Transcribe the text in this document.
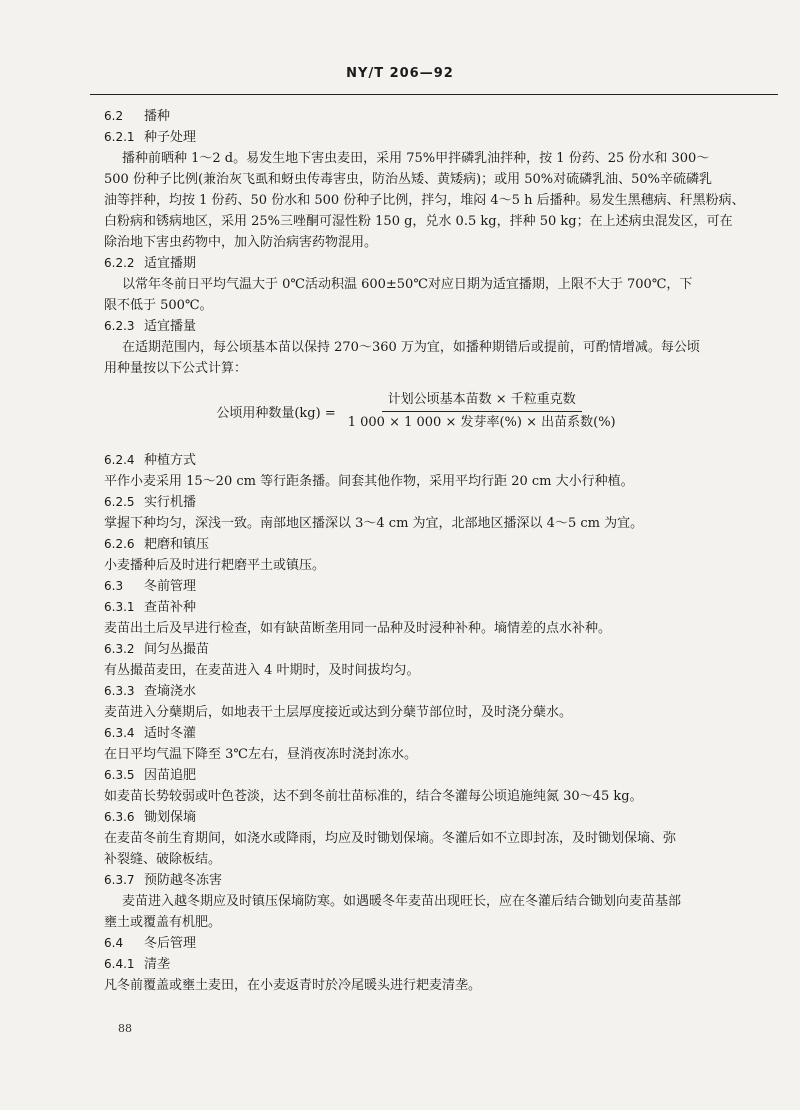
NY/T 206—92
6.2	播种
6.2.1 种子处理
播种前晒种 1～2 d。易发生地下害虫麦田，采用 75%甲拌磷乳油拌种，按 1 份药、25 份水和 300～
500 份种子比例(兼治灰飞虱和蚜虫传毒害虫，防治丛矮、黄矮病)；或用 50%对硫磷乳油、50%辛硫磷乳
油等拌种，均按 1 份药、50 份水和 500 份种子比例，拌匀，堆闷 4～5 h 后播种。易发生黑穗病、秆黑粉病、
白粉病和锈病地区，采用 25%三唑酮可湿性粉 150 g，兑水 0.5 kg，拌种 50 kg；在上述病虫混发区，可在
除治地下害虫药物中，加入防治病害药物混用。
6.2.2 适宜播期
以常年冬前日平均气温大于 0℃活动积温 600±50℃对应日期为适宜播期，上限不大于 700℃，下
限不低于 500℃。
6.2.3 适宜播量
在适期范围内，每公顷基本苗以保持 270～360 万为宜，如播种期错后或提前，可酌情增减。每公顷
用种量按以下公式计算：
公顷用种数量$(kg) = \frac{\text{计划公顷基本苗数 × 千粒重克数}}{\text{1 000 × 1 000 × 发芽率(\%) × 出苗系数(\%)}}$
6.2.4 种植方式
平作小麦采用 15～20 cm 等行距条播。间套其他作物，采用平均行距 20 cm 大小行种植。
6.2.5 实行机播
掌握下种均匀，深浅一致。南部地区播深以 3～4 cm 为宜，北部地区播深以 4～5 cm 为宜。
6.2.6 耙磨和镇压
小麦播种后及时进行耙磨平土或镇压。
6.3	冬前管理
6.3.1 查苗补种
麦苗出土后及早进行检查，如有缺苗断垄用同一品种及时浸种补种。墒情差的点水补种。
6.3.2 间匀丛撮苗
有丛撮苗麦田，在麦苗进入 4 叶期时，及时间拔均匀。
6.3.3 查墒浇水
麦苗进入分蘖期后，如地表干土层厚度接近或达到分蘖节部位时，及时浇分蘖水。
6.3.4 适时冬灌
在日平均气温下降至 3℃左右，昼消夜冻时浇封冻水。
6.3.5 因苗追肥
如麦苗长势较弱或叶色苍淡，达不到冬前壮苗标准的，结合冬灌每公顷追施纯氮 30～45 kg。
6.3.6 锄划保墒
在麦苗冬前生育期间，如浇水或降雨，均应及时锄划保墒。冬灌后如不立即封冻，及时锄划保墒、弥
补裂缝、破除板结。
6.3.7 预防越冬冻害
麦苗进入越冬期应及时镇压保墒防寒。如遇暖冬年麦苗出现旺长，应在冬灌后结合锄划向麦苗基部
壅土或覆盖有机肥。
6.4	冬后管理
6.4.1 清垄
凡冬前覆盖或壅土麦田，在小麦返青时於冷尾暖头进行耙麦清垄。
88
